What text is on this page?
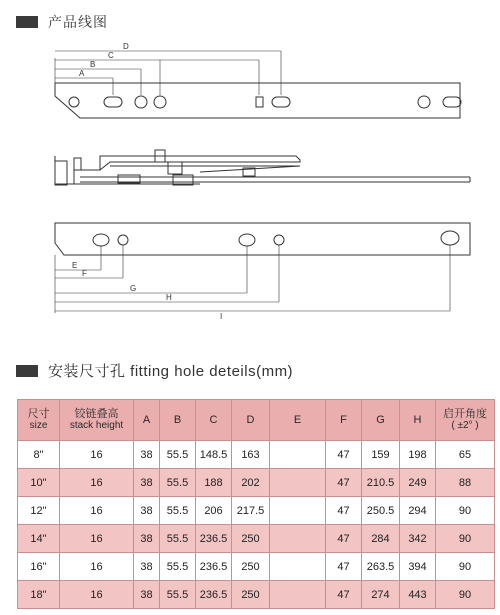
产品线图
D
C
B
A
E
F
G
H
I
安装尺寸孔 fitting hole deteils(mm)
尺寸
size	铰链叠高
stack height	A	B	C	D	E	F	G	H	启开角度
( ±2° )

8"	16	38	55.5	148.5	163		47	159	198	65
10"	16	38	55.5	188	202		47	210.5	249	88
12"	16	38	55.5	206	217.5		47	250.5	294	90
14"	16	38	55.5	236.5	250		47	284	342	90
16"	16	38	55.5	236.5	250		47	263.5	394	90
18"	16	38	55.5	236.5	250		47	274	443	90
